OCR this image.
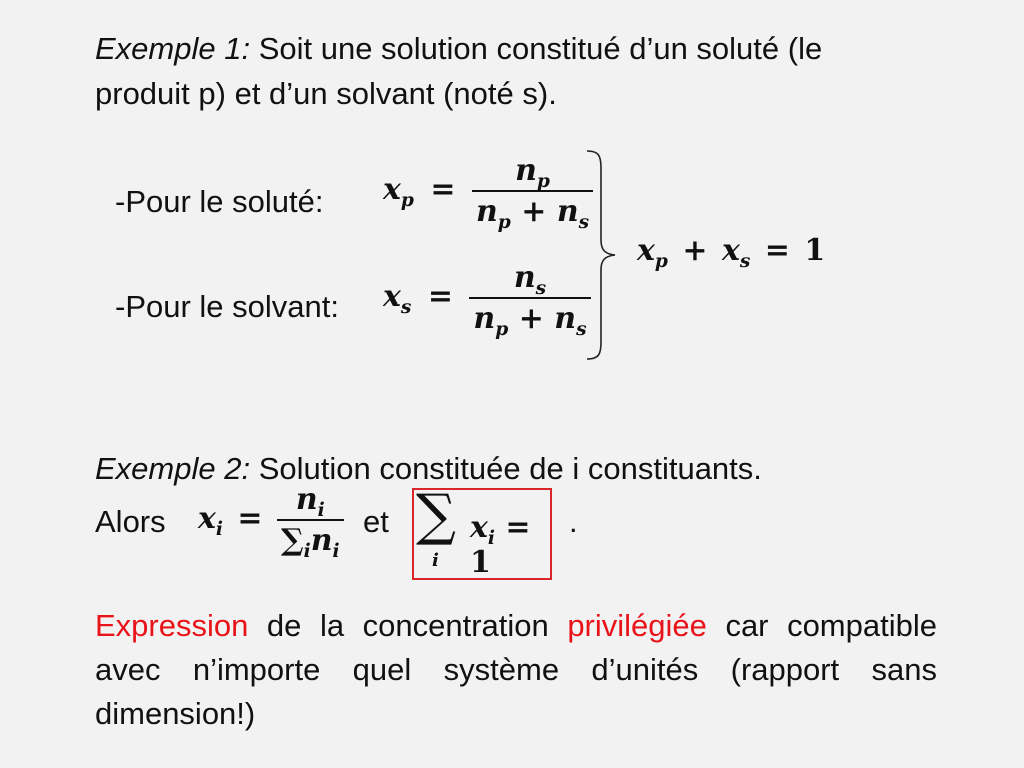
Exemple 1: Soit une solution constitué d’un soluté (le
produit p) et d’un solvant (noté s).
-Pour le soluté: $x_p = \frac{n_p}{n_p + n_s}$
-Pour le solvant: $x_s = \frac{n_s}{n_p + n_s}$
$x_p + x_s = 1$
Exemple 2: Solution constituée de i constituants.
Alors $x_i = \frac{n_i}{\sum_in_i}$ et ∑
i
$x_i = 1$
.
Expression de la concentration privilégiée car compatible avec n’importe quel système d’unités (rapport sans dimension!)
